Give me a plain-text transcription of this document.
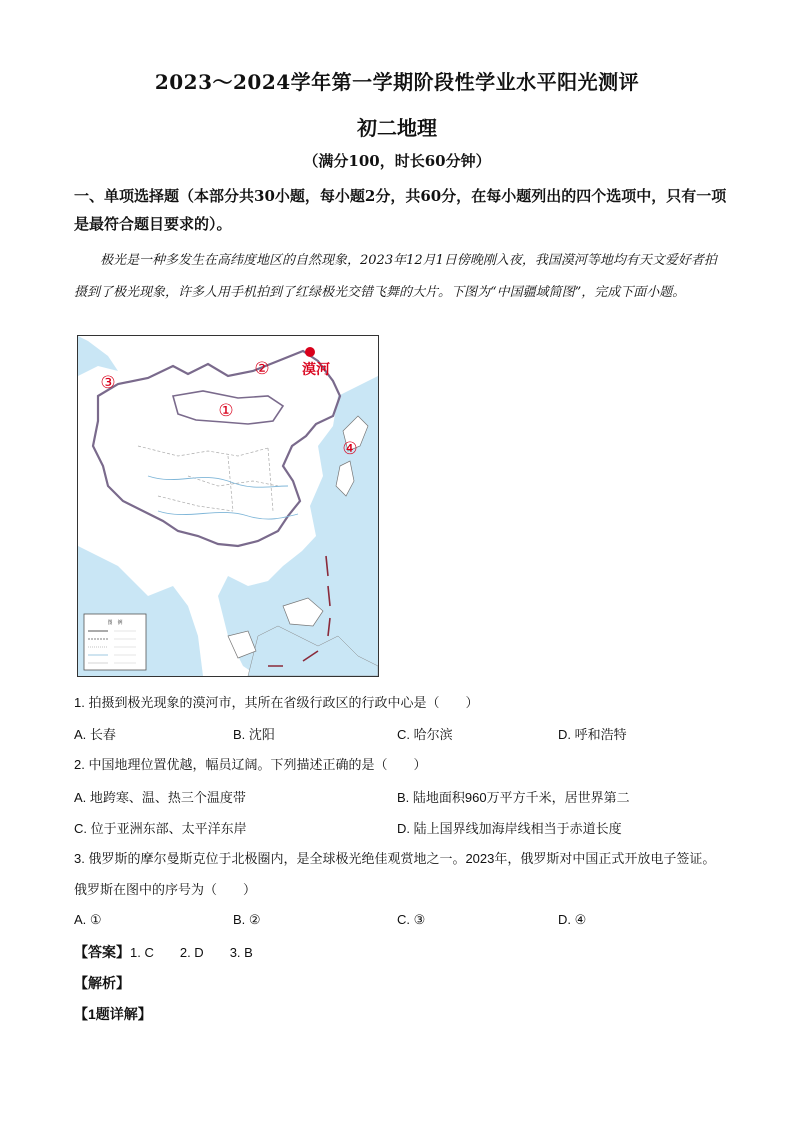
2023～2024学年第一学期阶段性学业水平阳光测评
初二地理
（满分100，时长60分钟）
一、单项选择题（本部分共30小题，每小题2分，共60分，在每小题列出的四个选项中，只有一项是最符合题目要求的）。
极光是一种多发生在高纬度地区的自然现象，2023年12月1日傍晚刚入夜，我国漠河等地均有天文爱好者拍摄到了极光现象，许多人用手机拍到了红绿极光交错飞舞的大片。下图为“中国疆域简图”，完成下面小题。
图　例
漠河
①
②
③
④
1. 拍摄到极光现象的漠河市，其所在省级行政区的行政中心是（　　）
A. 长春	B. 沈阳	C. 哈尔滨	D. 呼和浩特
2. 中国地理位置优越，幅员辽阔。下列描述正确的是（　　）
A. 地跨寒、温、热三个温度带	B. 陆地面积960万平方千米，居世界第二
C. 位于亚洲东部、太平洋东岸	D. 陆上国界线加海岸线相当于赤道长度
3. 俄罗斯的摩尔曼斯克位于北极圈内，是全球极光绝佳观赏地之一。2023年，俄罗斯对中国正式开放电子签证。俄罗斯在图中的序号为（　　）
A. ①	B. ②	C. ③	D. ④
【答案】1. C 2. D 3. B
【解析】
【1题详解】
